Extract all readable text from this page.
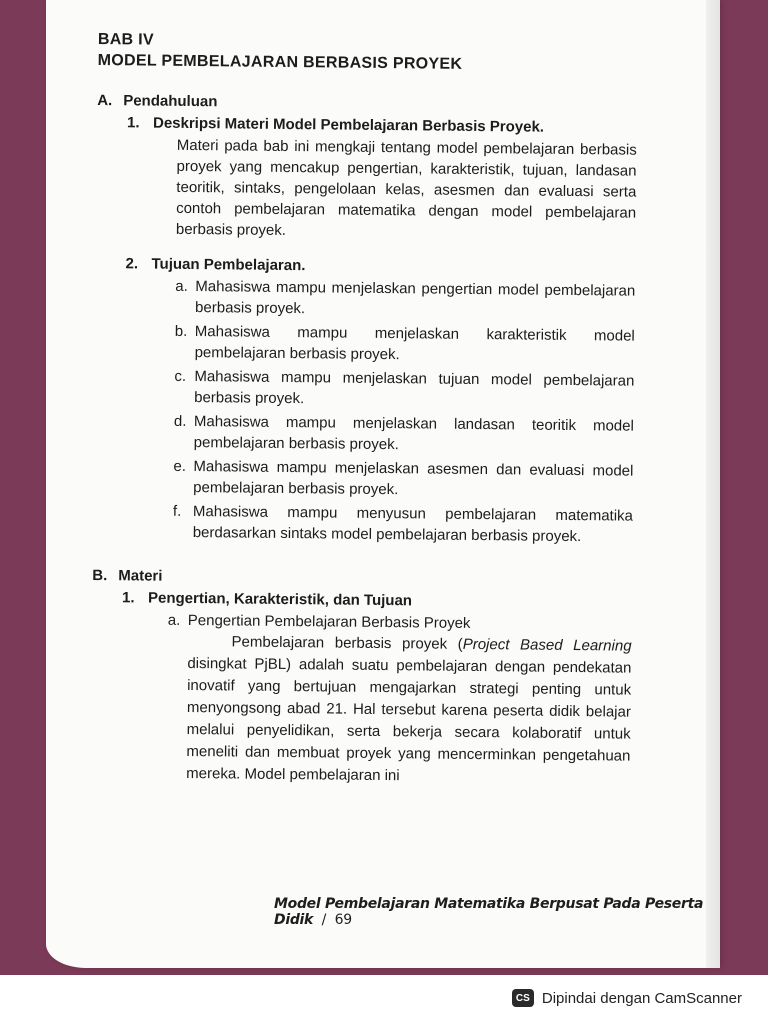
BAB IV

MODEL PEMBELAJARAN BERBASIS PROYEK

A. Pendahuluan

1. Deskripsi Materi Model Pembelajaran Berbasis Proyek.

Materi pada bab ini mengkaji tentang model pembelajaran berbasis proyek yang mencakup pengertian, karakteristik, tujuan, landasan teoritik, sintaks, pengelolaan kelas, asesmen dan evaluasi serta contoh pembelajaran matematika dengan model pembelajaran berbasis proyek.

2. Tujuan Pembelajaran.

a. Mahasiswa mampu menjelaskan pengertian model pembelajaran berbasis proyek.
b. Mahasiswa mampu menjelaskan karakteristik model pembelajaran berbasis proyek.
c. Mahasiswa mampu menjelaskan tujuan model pembelajaran berbasis proyek.
d. Mahasiswa mampu menjelaskan landasan teoritik model pembelajaran berbasis proyek.
e. Mahasiswa mampu menjelaskan asesmen dan evaluasi model pembelajaran berbasis proyek.
f. Mahasiswa mampu menyusun pembelajaran matematika berdasarkan sintaks model pembelajaran berbasis proyek.

B. Materi

1. Pengertian, Karakteristik, dan Tujuan

a. Pengertian Pembelajaran Berbasis Proyek

Pembelajaran berbasis proyek (Project Based Learning disingkat PjBL) adalah suatu pembelajaran dengan pendekatan inovatif yang bertujuan mengajarkan strategi penting untuk menyongsong abad 21. Hal tersebut karena peserta didik belajar melalui penyelidikan, serta bekerja secara kolaboratif untuk meneliti dan membuat proyek yang mencerminkan pengetahuan mereka. Model pembelajaran ini

Model Pembelajaran Matematika Berpusat Pada Peserta Didik / 69
CS Dipindai dengan CamScanner
